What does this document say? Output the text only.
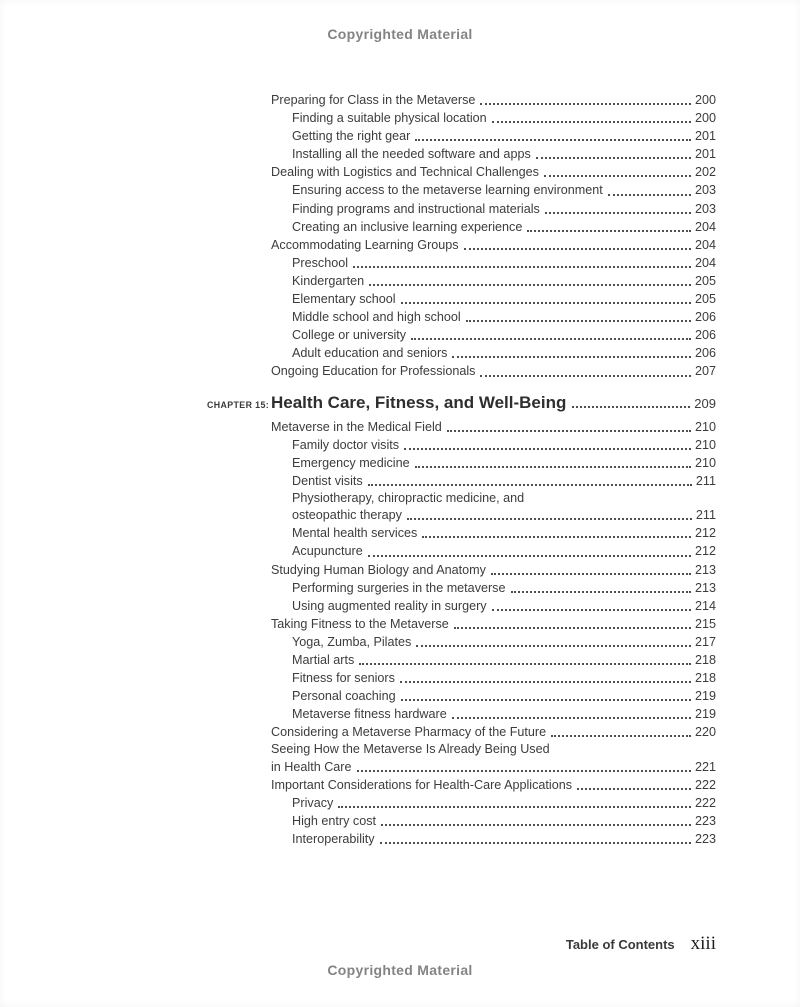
Copyrighted Material
Preparing for Class in the Metaverse	200
Finding a suitable physical location	200
Getting the right gear	201
Installing all the needed software and apps	201
Dealing with Logistics and Technical Challenges	202
Ensuring access to the metaverse learning environment	203
Finding programs and instructional materials	203
Creating an inclusive learning experience	204
Accommodating Learning Groups	204
Preschool	204
Kindergarten	205
Elementary school	205
Middle school and high school	206
College or university	206
Adult education and seniors	206
Ongoing Education for Professionals	207
CHAPTER 15: Health Care, Fitness, and Well-Being	209
Metaverse in the Medical Field	210
Family doctor visits	210
Emergency medicine	210
Dentist visits	211
Physiotherapy, chiropractic medicine, and
osteopathic therapy	211
Mental health services	212
Acupuncture	212
Studying Human Biology and Anatomy	213
Performing surgeries in the metaverse	213
Using augmented reality in surgery	214
Taking Fitness to the Metaverse	215
Yoga, Zumba, Pilates	217
Martial arts	218
Fitness for seniors	218
Personal coaching	219
Metaverse fitness hardware	219
Considering a Metaverse Pharmacy of the Future	220
Seeing How the Metaverse Is Already Being Used
in Health Care	221
Important Considerations for Health-Care Applications	222
Privacy	222
High entry cost	223
Interoperability	223
Table of Contents xiii
Copyrighted Material
